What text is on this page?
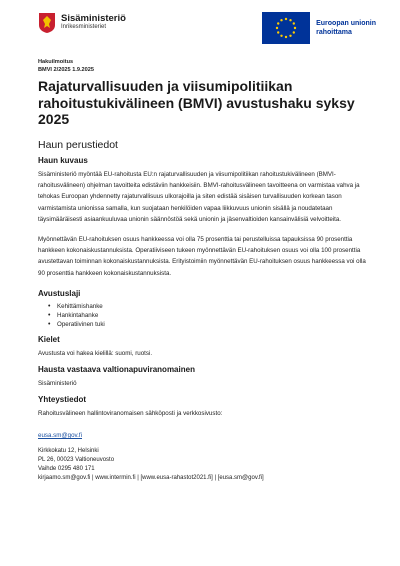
Sisäministeriö
Inrikesministeriet	Euroopan unionin
rahoittama
Hakuilmoitus
BMVI 2/2025 1.9.2025
Rajaturvallisuuden ja viisumipolitiikan rahoitustukivälineen (BMVI) avustushaku syksy 2025
Haun perustiedot
Haun kuvaus

Sisäministeriö myöntää EU-rahoitusta EU:n rajaturvallisuuden ja viisumipolitiikan rahoitustukivälineen (BMVI-rahoitusvälineen) ohjelman tavoitteita edistäviin hankkeisiin. BMVI-rahoitusvälineen tavoitteena on varmistaa vahva ja tehokas Euroopan yhdennetty rajaturvallisuus ulkorajoilla ja siten edistää sisäisen turvallisuuden korkean tason varmistamista unionissa samalla, kun suojataan henkilöiden vapaa liikkuvuus unionin sisällä ja noudatetaan täysimääräisesti asiaankuuluvaa unionin säännöstöä sekä unionin ja jäsenvaltioiden kansainvälisiä velvoitteita.

Myönnettävän EU-rahoituksen osuus hankkeessa voi olla 75 prosenttia tai perustelluissa tapauksissa 90 prosenttia hankkeen kokonaiskustannuksista. Operatiiviseen tukeen myönnettävän EU-rahoituksen osuus voi olla 100 prosenttia avustettavan toiminnan kokonaiskustannuksista. Erityistoimiin myönnettävän EU-rahoituksen osuus hankkeessa voi olla 90 prosenttia hankkeen kokonaiskustannuksista.

Avustuslaji
• Kehittämishanke
• Hankintahanke
• Operatiivinen tuki
Kielet

Avustusta voi hakea kielillä: suomi, ruotsi.

Hausta vastaava valtionapuviranomainen

Sisäministeriö

Yhteystiedot

Rahoitusvälineen hallintoviranomaisen sähköposti ja verkkosivusto:

eusa.sm@gov.fi
Kirkkokatu 12, Helsinki
PL 26, 00023 Valtioneuvosto
Vaihde 0295 480 171
kirjaamo.sm@gov.fi | www.intermin.fi | [www.eusa-rahastot2021.fi] | [eusa.sm@gov.fi]
